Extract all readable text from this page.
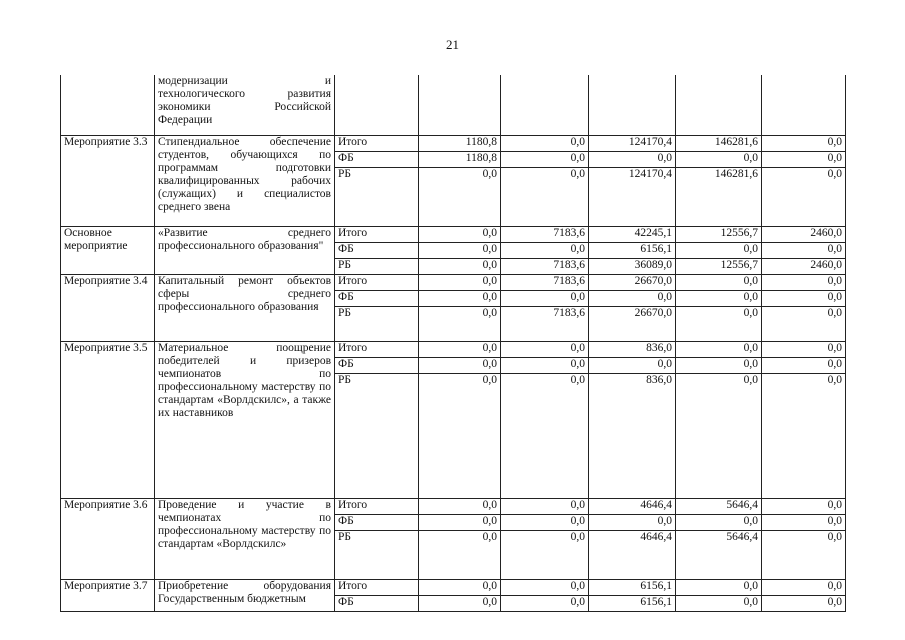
21

	модернизации и
технологического развития
экономики Российской
Федерации						

Мероприятие 3.3	Стипендиальное обеспечение студентов, обучающихся по программам подготовки квалифицированных рабочих (служащих) и специалистов среднего звена	Итого	1180,8	0,0	124170,4	146281,6	0,0
		ФБ	1180,8	0,0	0,0	0,0	0,0
		РБ	0,0	0,0	124170,4	146281,6	0,0
Основное мероприятие	«Развитие среднего профессионального образования"	Итого	0,0	7183,6	42245,1	12556,7	2460,0
		ФБ	0,0	0,0	6156,1	0,0	0,0
		РБ	0,0	7183,6	36089,0	12556,7	2460,0
Мероприятие 3.4	Капитальный ремонт объектов сферы среднего профессионального образования	Итого	0,0	7183,6	26670,0	0,0	0,0
		ФБ	0,0	0,0	0,0	0,0	0,0
		РБ	0,0	7183,6	26670,0	0,0	0,0
Мероприятие 3.5	Материальное поощрение победителей и призеров чемпионатов по профессиональному мастерству по стандартам «Ворлдскилс», а также их наставников	Итого	0,0	0,0	836,0	0,0	0,0
		ФБ	0,0	0,0	0,0	0,0	0,0
		РБ	0,0	0,0	836,0	0,0	0,0
Мероприятие 3.6	Проведение и участие в чемпионатах по профессиональному мастерству по стандартам «Ворлдскилс»	Итого	0,0	0,0	4646,4	5646,4	0,0
		ФБ	0,0	0,0	0,0	0,0	0,0
		РБ	0,0	0,0	4646,4	5646,4	0,0
Мероприятие 3.7	Приобретение оборудования Государственным бюджетным	Итого	0,0	0,0	6156,1	0,0	0,0
		ФБ	0,0	0,0	6156,1	0,0	0,0
